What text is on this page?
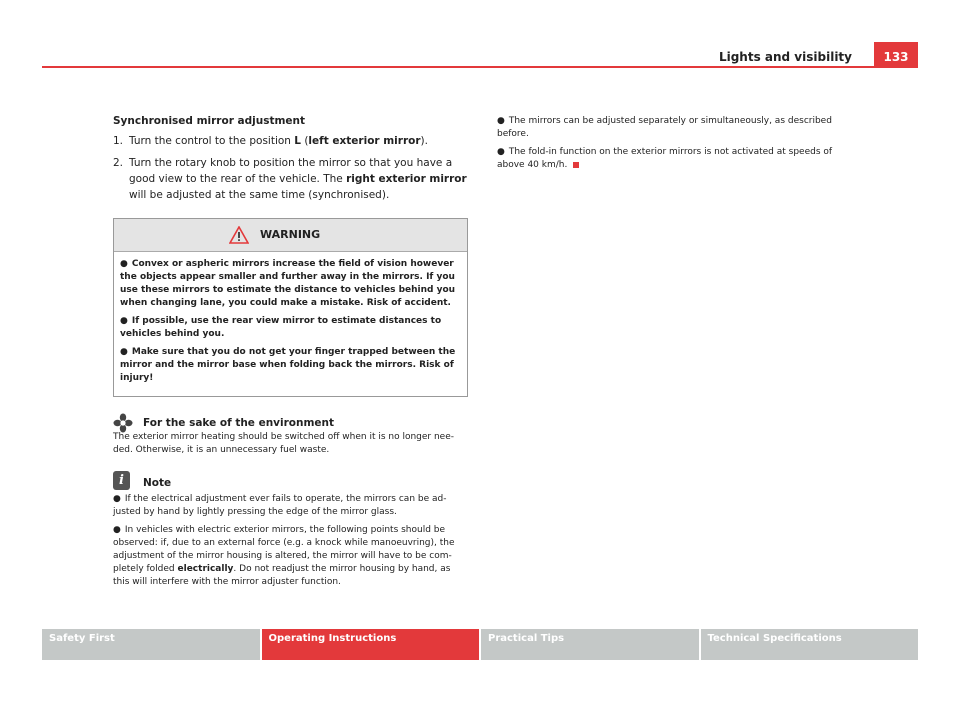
Lights and visibility	133
Synchronised mirror adjustment
1. Turn the control to the position L (left exterior mirror).
2. Turn the rotary knob to position the mirror so that you have a good view to the rear of the vehicle. The right exterior mirror will be adjusted at the same time (synchronised).
WARNING
● Convex or aspheric mirrors increase the field of vision however the objects appear smaller and further away in the mirrors. If you use these mirrors to estimate the distance to vehicles behind you when changing lane, you could make a mistake. Risk of accident.
● If possible, use the rear view mirror to estimate distances to vehicles behind you.
● Make sure that you do not get your finger trapped between the mirror and the mirror base when folding back the mirrors. Risk of injury!
For the sake of the environment
The exterior mirror heating should be switched off when it is no longer nee-ded. Otherwise, it is an unnecessary fuel waste.
i	Note
● If the electrical adjustment ever fails to operate, the mirrors can be ad-justed by hand by lightly pressing the edge of the mirror glass.
● In vehicles with electric exterior mirrors, the following points should be observed: if, due to an external force (e.g. a knock while manoeuvring), the adjustment of the mirror housing is altered, the mirror will have to be com-pletely folded electrically. Do not readjust the mirror housing by hand, as this will interfere with the mirror adjuster function.
● The mirrors can be adjusted separately or simultaneously, as described before.
● The fold-in function on the exterior mirrors is not activated at speeds of above 40 km/h.
Safety First	Operating Instructions	Practical Tips	Technical Specifications
